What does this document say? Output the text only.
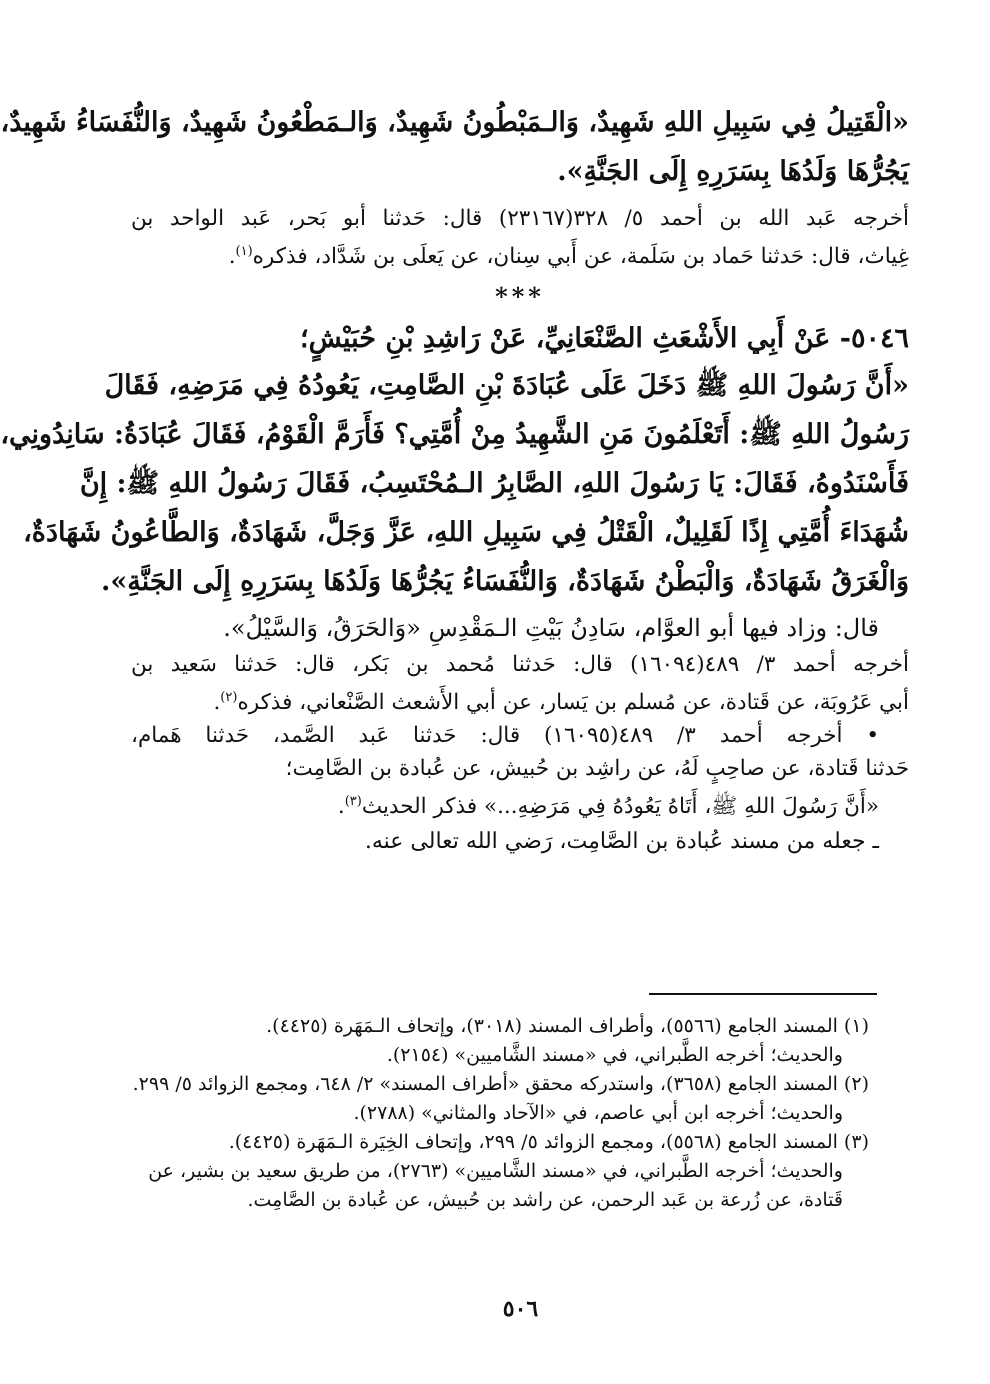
«الْقَتِيلُ فِي سَبِيلِ اللهِ شَهِيدٌ، وَالـمَبْطُونُ شَهِيدٌ، وَالـمَطْعُونُ شَهِيدٌ، وَالنُّفَسَاءُ شَهِيدٌ،
يَجُرُّهَا وَلَدُهَا بِسَرَرِهِ إِلَى الجَنَّةِ».
أخرجه عَبد الله بن أحمد ٥/ ٣٢٨(٢٣١٦٧) قال: حَدثنا أبو بَحر، عَبد الواحد بن
غِياث، قال: حَدثنا حَماد بن سَلَمة، عن أَبي سِنان، عن يَعلَى بن شَدَّاد، فذكره$^{(١)}$.
***
٥٠٤٦- عَنْ أَبِي الأَشْعَثِ الصَّنْعَانِيِّ، عَنْ رَاشِدِ بْنِ حُبَيْشٍ؛
«أَنَّ رَسُولَ اللهِ ﷺ دَخَلَ عَلَى عُبَادَةَ بْنِ الصَّامِتِ، يَعُودُهُ فِي مَرَضِهِ، فَقَالَ
رَسُولُ اللهِ ﷺ: أَتَعْلَمُونَ مَنِ الشَّهِيدُ مِنْ أُمَّتِي؟ فَأَرَمَّ الْقَوْمُ، فَقَالَ عُبَادَةُ: سَانِدُونِي،
فَأَسْنَدُوهُ، فَقَالَ: يَا رَسُولَ اللهِ، الصَّابِرُ الـمُحْتَسِبُ، فَقَالَ رَسُولُ اللهِ ﷺ: إِنَّ
شُهَدَاءَ أُمَّتِي إِذًا لَقَلِيلٌ، الْقَتْلُ فِي سَبِيلِ اللهِ، عَزَّ وَجَلَّ، شَهَادَةٌ، وَالطَّاعُونُ شَهَادَةٌ،
وَالْغَرَقُ شَهَادَةٌ، وَالْبَطْنُ شَهَادَةٌ، وَالنُّفَسَاءُ يَجُرُّهَا وَلَدُهَا بِسَرَرِهِ إِلَى الجَنَّةِ».
قال: وزاد فيها أبو العوَّام، سَادِنُ بَيْتِ الـمَقْدِسِ «وَالحَرَقُ، وَالسَّيْلُ».
أخرجه أحمد ٣/ ٤٨٩(١٦٠٩٤) قال: حَدثنا مُحمد بن بَكر، قال: حَدثنا سَعيد بن
أبي عَرُوبَة، عن قَتادة، عن مُسلم بن يَسار، عن أبي الأَشعث الصَّنْعاني، فذكره$^{(٢)}$.
• أخرجه أحمد ٣/ ٤٨٩(١٦٠٩٥) قال: حَدثنا عَبد الصَّمد، حَدثنا هَمام،
حَدثنا قَتادة، عن صاحِبٍ لَهُ، عن راشِد بن حُبيش، عن عُبادة بن الصَّامِت؛
«أَنَّ رَسُولَ اللهِ ﷺ، أَتَاهُ يَعُودُهُ فِي مَرَضِهِ...» فذكر الحديث$^{(٣)}$.
ـ جعله من مسند عُبادة بن الصَّامِت، رَضي الله تعالى عنه.
(١) المسند الجامع (٥٥٦٦)، وأطراف المسند (٣٠١٨)، وإتحاف الـمَهَرة (٤٤٢٥).
والحديث؛ أخرجه الطَّبراني، في «مسند الشَّاميين» (٢١٥٤).
(٢) المسند الجامع (٣٦٥٨)، واستدركه محقق «أطراف المسند» ٢/ ٦٤٨، ومجمع الزوائد ٥/ ٢٩٩.
والحديث؛ أخرجه ابن أبي عاصم، في «الآحاد والمثاني» (٢٧٨٨).
(٣) المسند الجامع (٥٥٦٨)، ومجمع الزوائد ٥/ ٢٩٩، وإتحاف الخِيَرة الـمَهَرة (٤٤٢٥).
والحديث؛ أخرجه الطَّبراني، في «مسند الشَّاميين» (٢٧٦٣)، من طريق سعيد بن بشير، عن
قَتادة، عن زُرعة بن عَبد الرحمن، عن راشد بن حُبيش، عن عُبادة بن الصَّامِت.
٥٠٦
